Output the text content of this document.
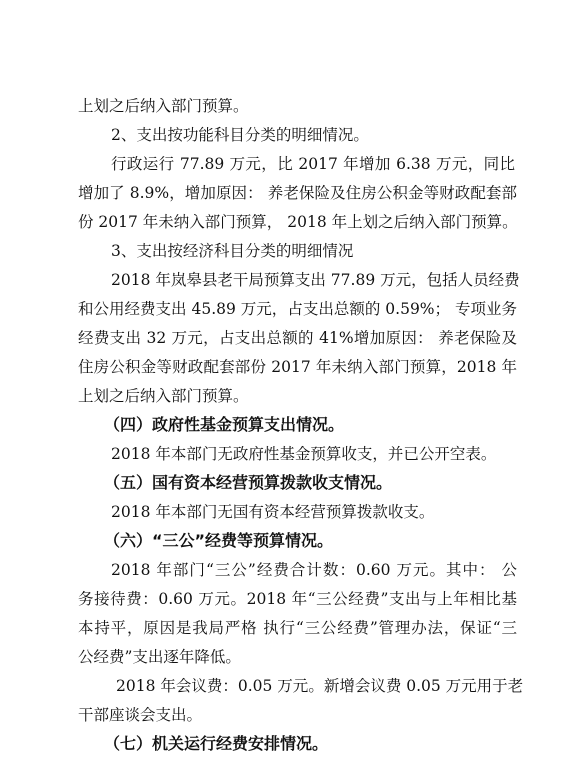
上划之后纳入部门预算。
2、支出按功能科目分类的明细情况。
行政运行 77.89 万元，比 2017 年增加 6.38 万元，同比
增加了 8.9%，增加原因： 养老保险及住房公积金等财政配套部
份 2017 年未纳入部门预算， 2018 年上划之后纳入部门预算。
3、支出按经济科目分类的明细情况
2018 年岚皋县老干局预算支出 77.89 万元，包括人员经费
和公用经费支出 45.89 万元，占支出总额的 0.59%； 专项业务
经费支出 32 万元，占支出总额的 41%增加原因： 养老保险及
住房公积金等财政配套部份 2017 年未纳入部门预算，2018 年
上划之后纳入部门预算。
（四）政府性基金预算支出情况。
2018 年本部门无政府性基金预算收支，并已公开空表。
（五）国有资本经营预算拨款收支情况。
2018 年本部门无国有资本经营预算拨款收支。
（六）“三公”经费等预算情况。
2018 年部门“三公”经费合计数：0.60 万元。其中： 公
务接待费：0.60 万元。2018 年“三公经费”支出与上年相比基
本持平，原因是我局严格 执行“三公经费”管理办法，保证“三
公经费”支出逐年降低。
2018 年会议费：0.05 万元。新增会议费 0.05 万元用于老
干部座谈会支出。
（七）机关运行经费安排情况。
